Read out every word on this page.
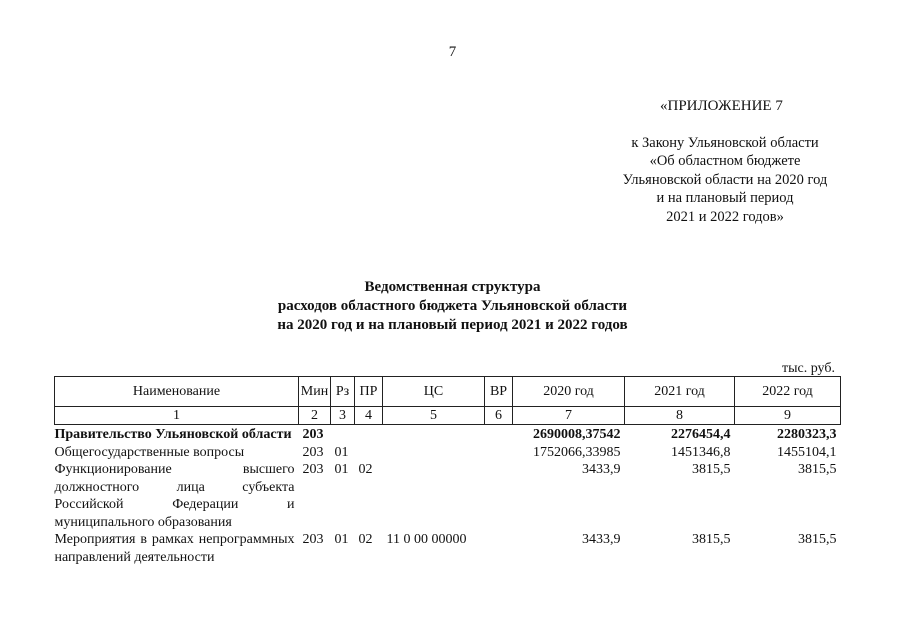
7
«ПРИЛОЖЕНИЕ 7
к Закону Ульяновской области
«Об областном бюджете
Ульяновской области на 2020 год
и на плановый период
2021 и 2022 годов»
Ведомственная структура
расходов областного бюджета Ульяновской области
на 2020 год и на плановый период 2021 и 2022 годов
тыс. руб.
Наименование	Мин	Рз	ПР	ЦС	ВР	2020 год	2021 год	2022 год
1	2	3	4	5	6	7	8	9
Правительство Ульяновской области	203					2690008,37542	2276454,4	2280323,3
Общегосударственные вопросы	203	01				1752066,33985	1451346,8	1455104,1
Функционирование высшего должностного лица субъекта Российской Федерации и муниципального образования	203	01	02			3433,9	3815,5	3815,5
Мероприятия в рамках непрограммных направлений деятельности	203	01	02	11 0 00 00000		3433,9	3815,5	3815,5
